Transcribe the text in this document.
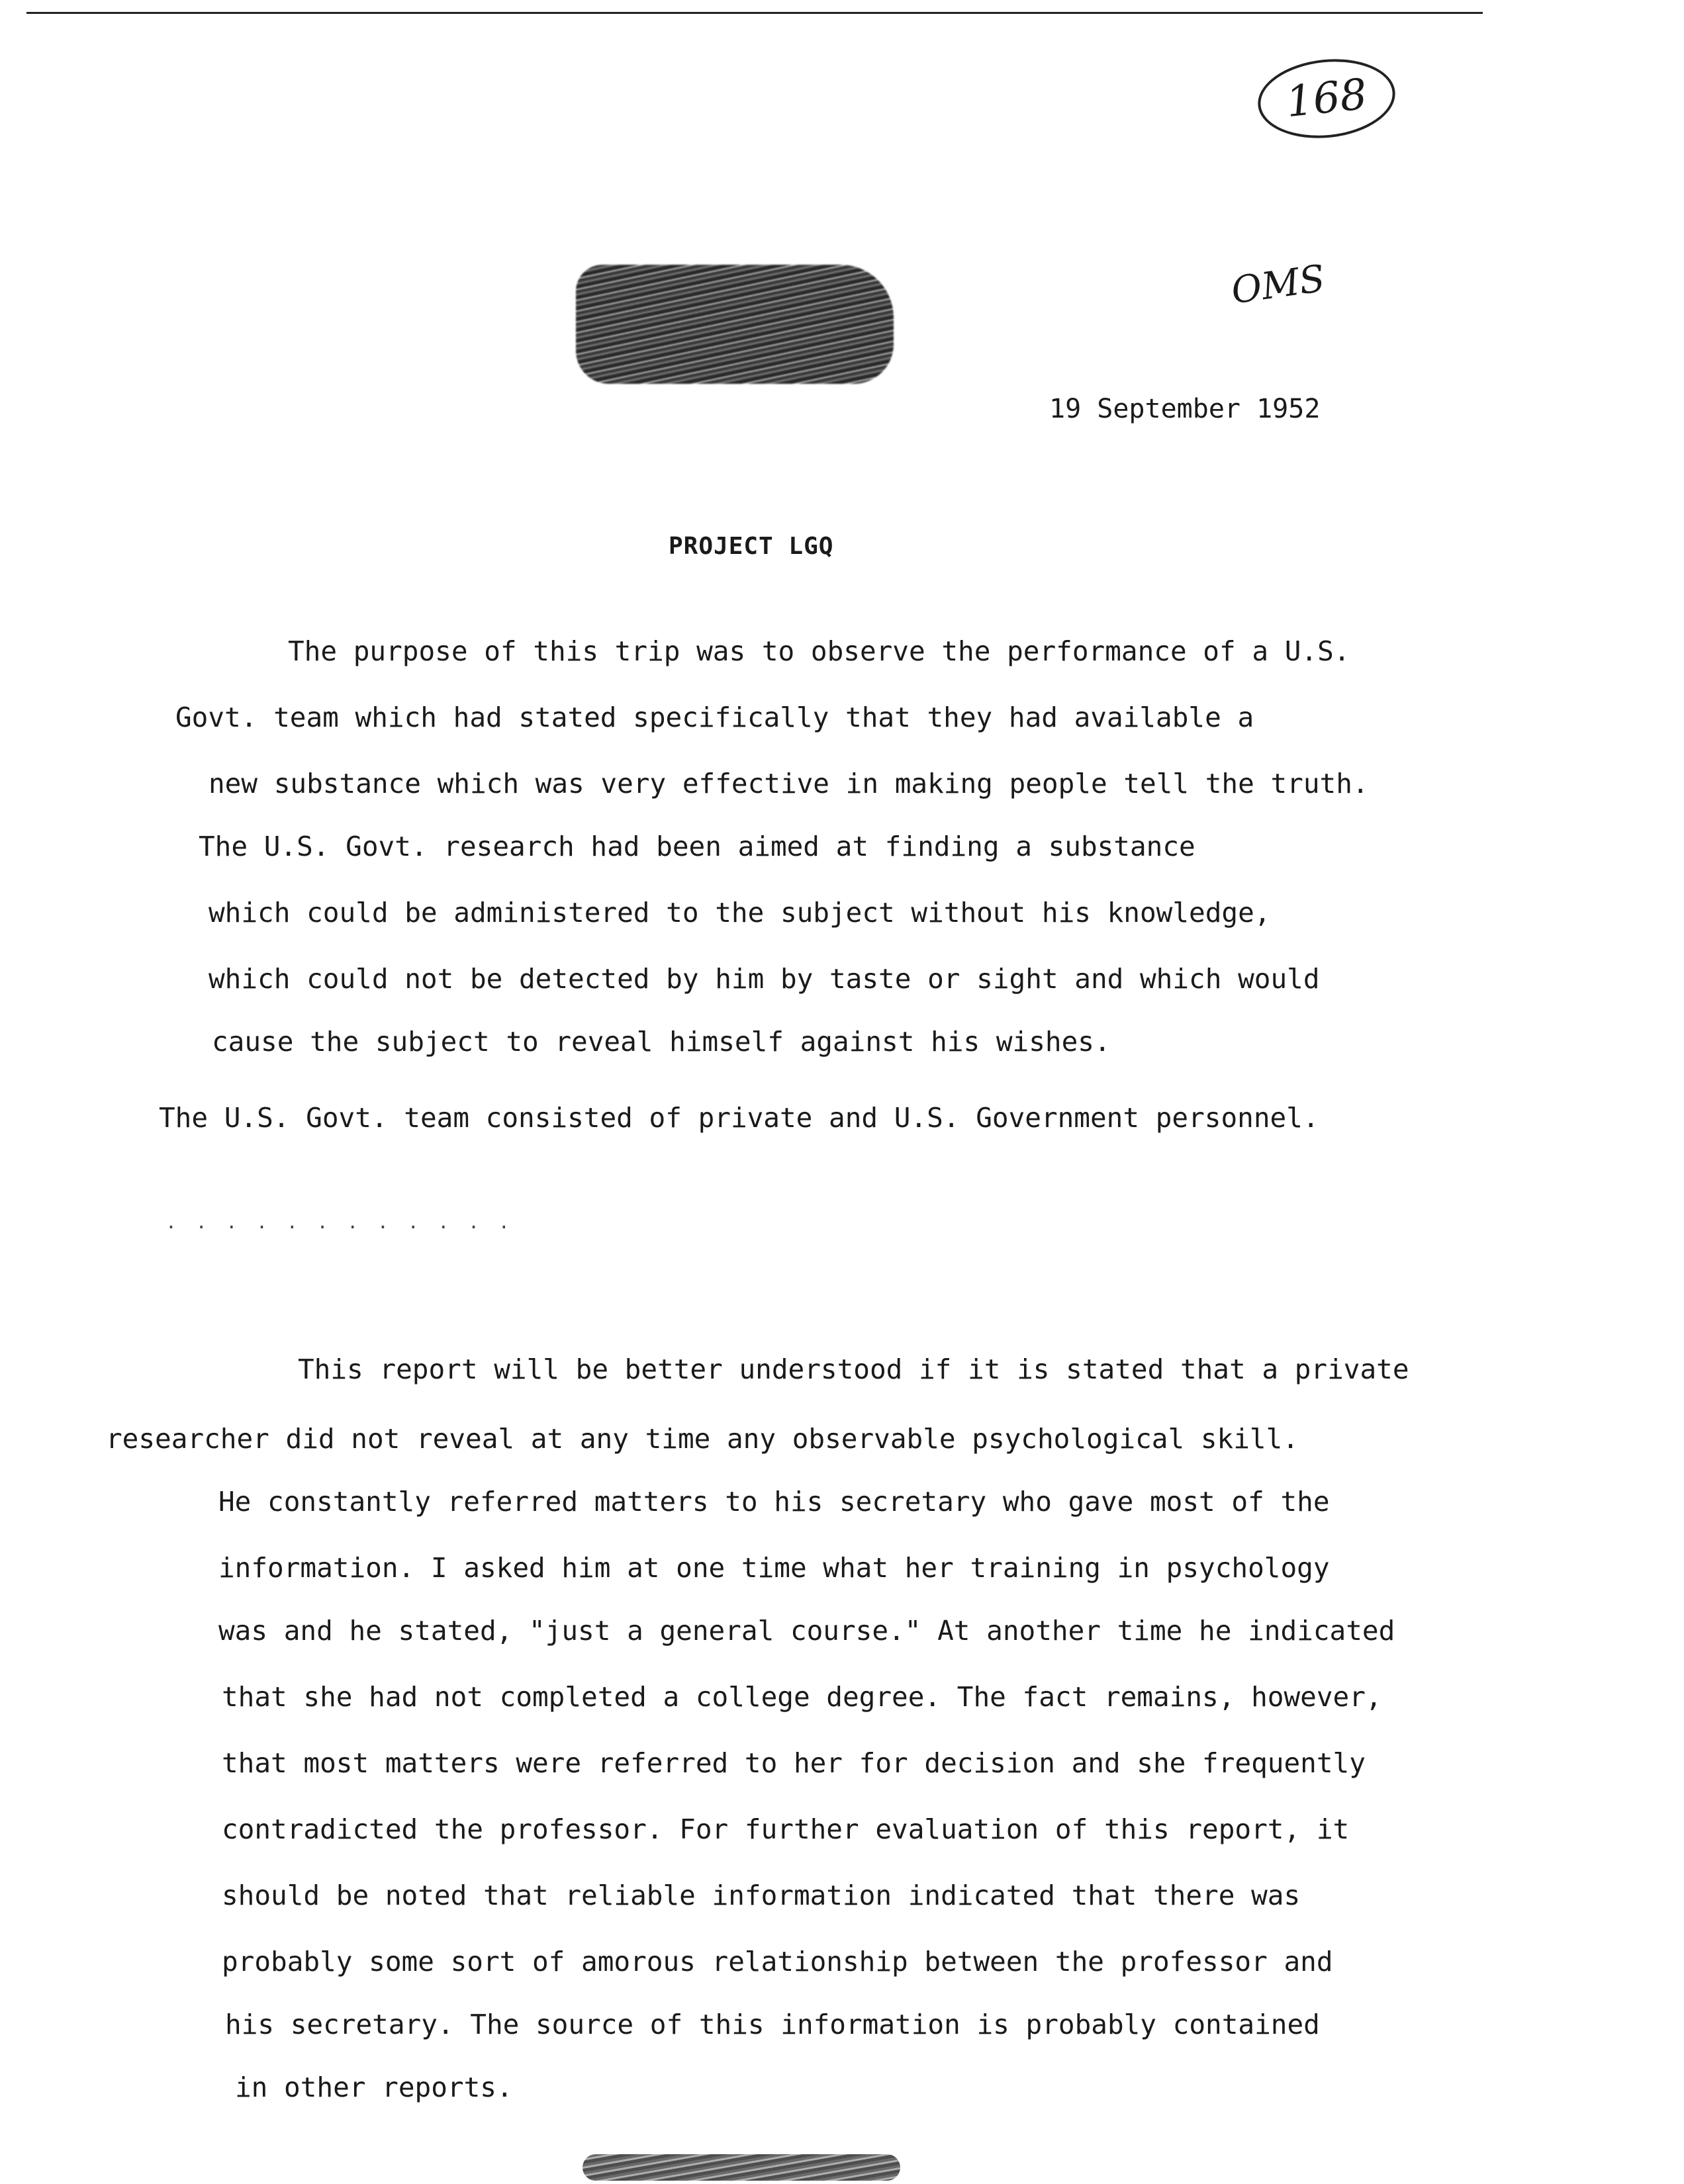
168
OMS
19 September 1952
PROJECT LGQ
The purpose of this trip was to observe the performance of a U.S.
Govt. team which had stated specifically that they had available a
new substance which was very effective in making people tell the truth.
The U.S. Govt. research had been aimed at finding a substance
which could be administered to the subject without his knowledge,
which could not be detected by him by taste or sight and which would
cause the subject to reveal himself against his wishes.
The U.S. Govt. team consisted of private and U.S. Government personnel.
. . . . . . . . . . . .
This report will be better understood if it is stated that a private
researcher did not reveal at any time any observable psychological skill.
He constantly referred matters to his secretary who gave most of the
information. I asked him at one time what her training in psychology
was and he stated, "just a general course." At another time he indicated
that she had not completed a college degree. The fact remains, however,
that most matters were referred to her for decision and she frequently
contradicted the professor. For further evaluation of this report, it
should be noted that reliable information indicated that there was
probably some sort of amorous relationship between the professor and
his secretary. The source of this information is probably contained
in other reports.
